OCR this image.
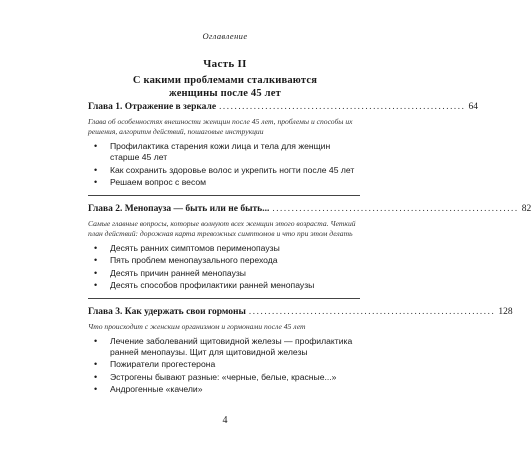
Оглавление
Часть II
С какими проблемами сталкиваются
женщины после 45 лет
Глава 1. Отражение в зеркале ................................................................ 64
Глава об особенностях внешности женщин после 45 лет, проблемы и способы их решения, алгоритм действий, пошаговые инструкции
• Профилактика старения кожи лица и тела для женщин старше 45 лет
• Как сохранить здоровье волос и укрепить ногти после 45 лет
• Решаем вопрос с весом
Глава 2. Менопауза — быть или не быть... ................................................................ 82
Самые главные вопросы, которые волнуют всех женщин этого возраста. Четкий план действий: дорожная карта тревожных симптомов и что при этом делать
• Десять ранних симптомов перименопаузы
• Пять проблем менопаузального перехода
• Десять причин ранней менопаузы
• Десять способов профилактики ранней менопаузы
Глава 3. Как удержать свои гормоны ................................................................ 128
Что происходит с женским организмом и гормонами после 45 лет
• Лечение заболеваний щитовидной железы — профилактика ранней менопаузы. Щит для щитовидной железы
• Пожиратели прогестерона
• Эстрогены бывают разные: «черные, белые, красные...»
• Андрогенные «качели»
4
